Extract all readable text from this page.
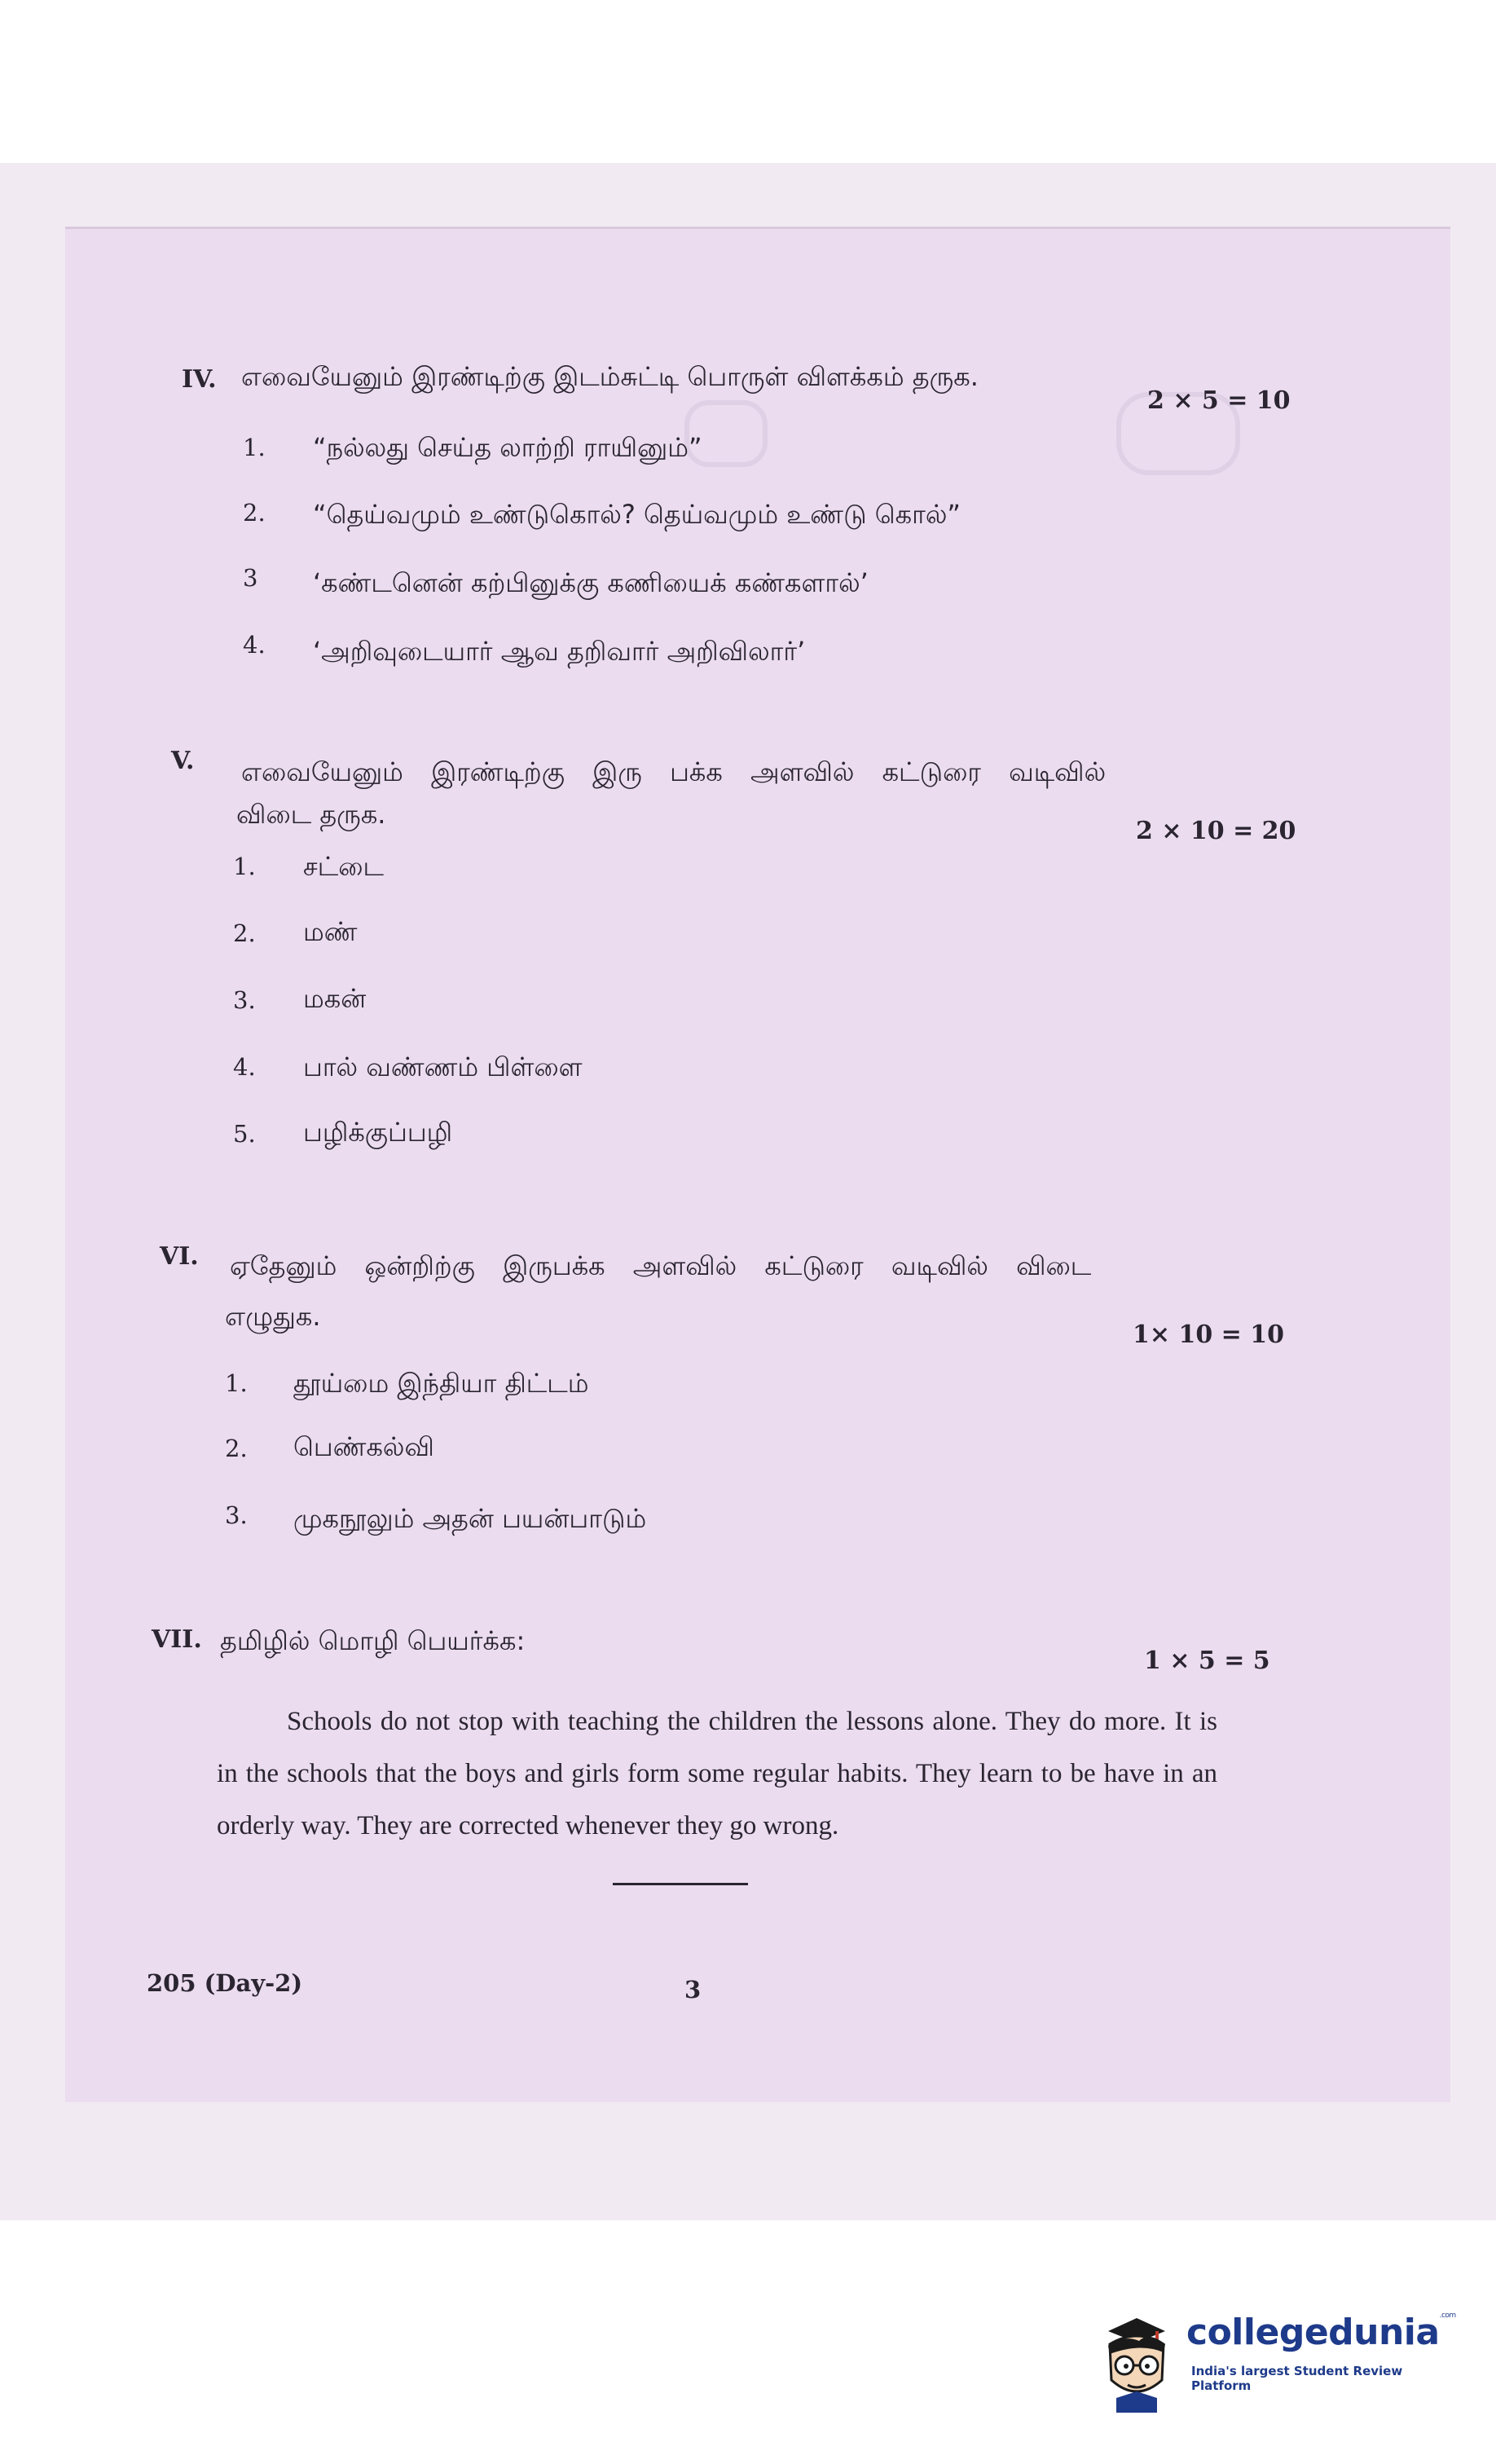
IV. எவையேனும் இரண்டிற்கு இடம்சுட்டி பொருள் விளக்கம் தருக.
2 × 5 = 10
1. “நல்லது செய்த லாற்றி ராயினும்”
2. “தெய்வமும் உண்டுகொல்? தெய்வமும் உண்டு கொல்”
3 ‘கண்டனென் கற்பினுக்கு கணியைக் கண்களால்’
4. ‘அறிவுடையார் ஆவ தறிவார் அறிவிலார்’
V. எவையேனும் இரண்டிற்கு இரு பக்க அளவில் கட்டுரை வடிவில்
விடை தருக.
2 × 10 = 20
1. சட்டை
2. மண்
3. மகன்
4. பால் வண்ணம் பிள்ளை
5. பழிக்குப்பழி
VI. ஏதேனும் ஒன்றிற்கு இருபக்க அளவில் கட்டுரை வடிவில் விடை
எழுதுக.
1× 10 = 10
1. தூய்மை இந்தியா திட்டம்
2. பெண்கல்வி
3. முகநூலும் அதன் பயன்பாடும்
VII. தமிழில் மொழி பெயர்க்க:
1 × 5 = 5
Schools do not stop with teaching the children the lessons alone. They do more. It is in the schools that the boys and girls form some regular habits. They learn to be have in an orderly way. They are corrected whenever they go wrong.
205 (Day-2)	3
collegedunia$^{.com}$
India's largest Student Review Platform
